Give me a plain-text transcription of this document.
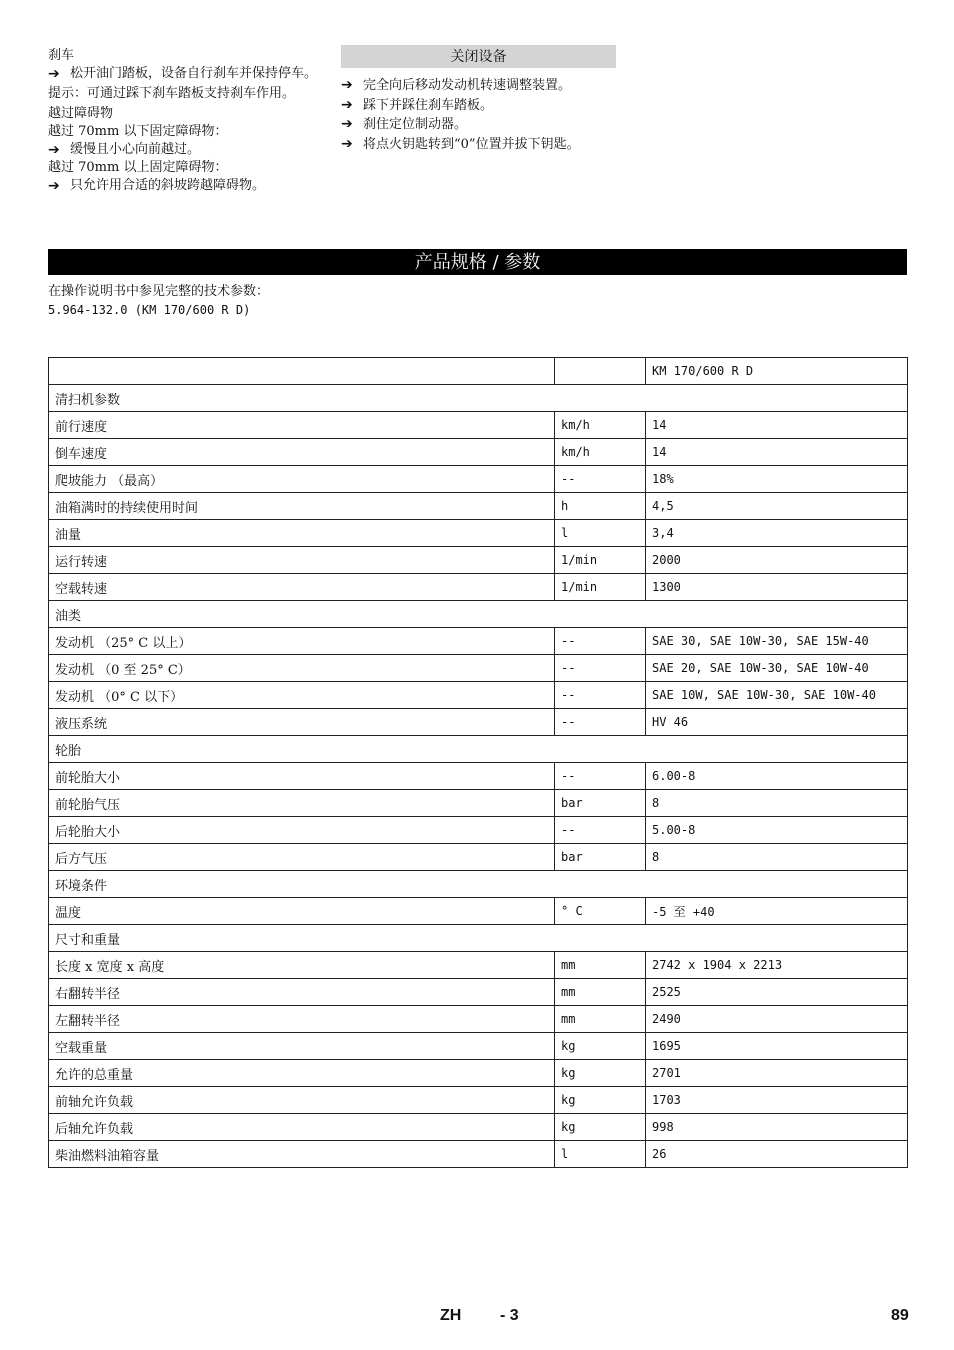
刹车
➔ 松开油门踏板，设备自行刹车并保持停车。
提示：可通过踩下刹车踏板支持刹车作用。
越过障碍物
越过 70mm 以下固定障碍物：
➔ 缓慢且小心向前越过。
越过 70mm 以上固定障碍物：
➔ 只允许用合适的斜坡跨越障碍物。
关闭设备
➔ 完全向后移动发动机转速调整装置。
➔ 踩下并踩住刹车踏板。
➔ 刹住定位制动器。
➔ 将点火钥匙转到“0”位置并拔下钥匙。
产品规格 / 参数
在操作说明书中参见完整的技术参数：
5.964-132.0 (KM 170/600 R D)
		KM 170/600 R D
清扫机参数		
前行速度	km/h	14
倒车速度	km/h	14
爬坡能力 （最高）	--	18%
油箱满时的持续使用时间	h	4,5
油量	l	3,4
运行转速	1/min	2000
空载转速	1/min	1300
油类		
发动机 （25° C 以上）	--	SAE 30, SAE 10W-30, SAE 15W-40
发动机 （0 至 25° C）	--	SAE 20, SAE 10W-30, SAE 10W-40
发动机 （0° C 以下）	--	SAE 10W, SAE 10W-30, SAE 10W-40
液压系统	--	HV 46
轮胎		
前轮胎大小	--	6.00-8
前轮胎气压	bar	8
后轮胎大小	--	5.00-8
后方气压	bar	8
环境条件		
温度	° C	-5 至 +40
尺寸和重量		
长度 x 宽度 x 高度	mm	2742 x 1904 x 2213
右翻转半径	mm	2525
左翻转半径	mm	2490
空载重量	kg	1695
允许的总重量	kg	2701
前轴允许负载	kg	1703
后轴允许负载	kg	998
柴油燃料油箱容量	l	26
ZH - 3	89
